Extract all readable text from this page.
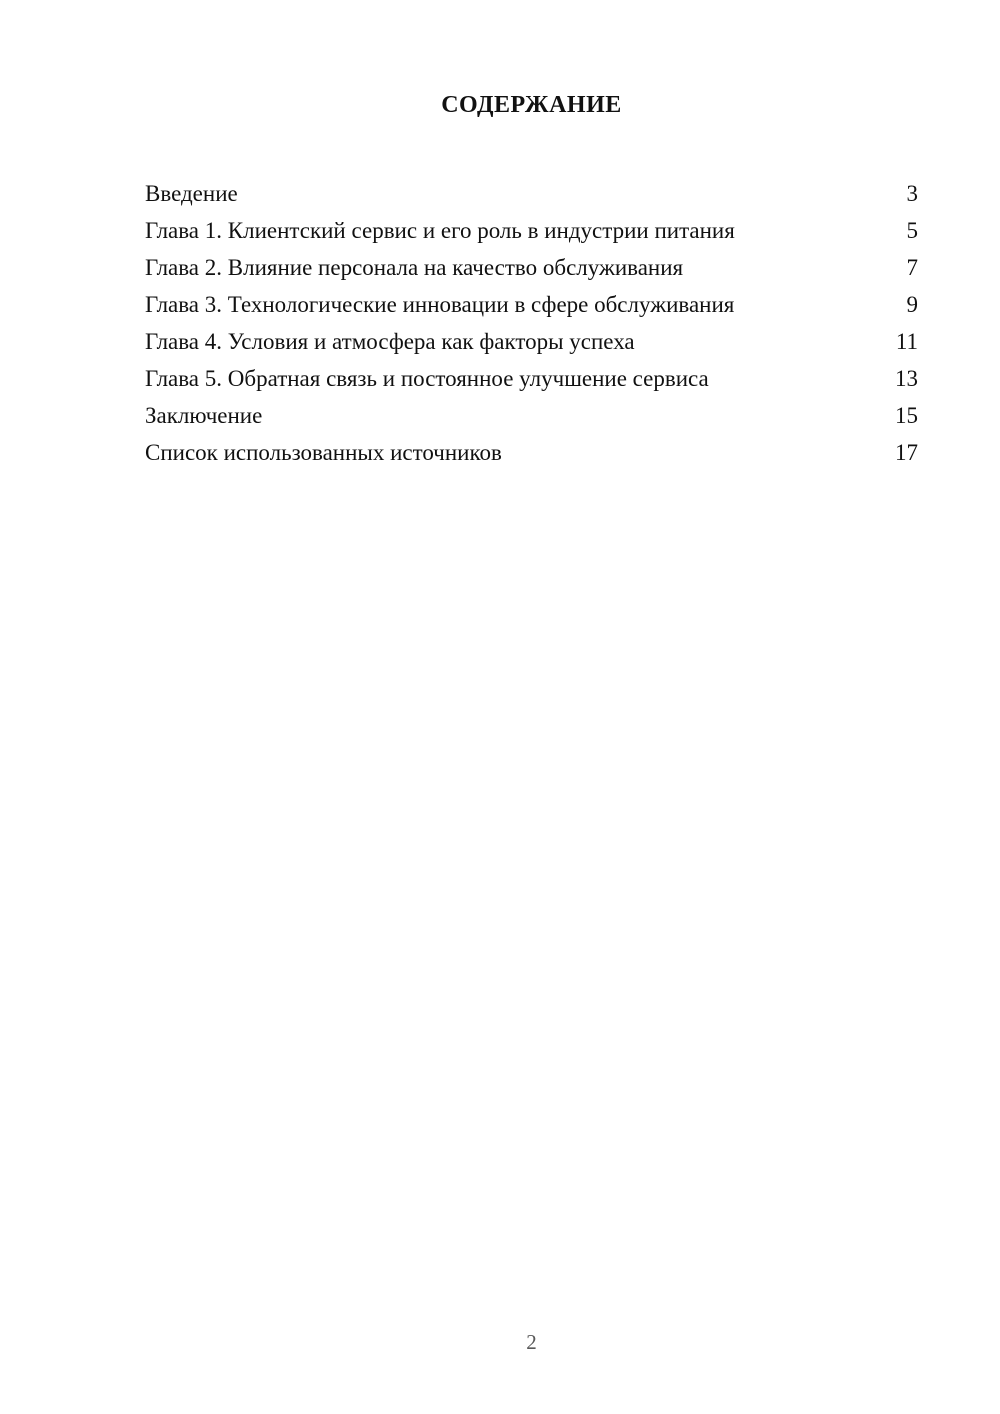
СОДЕРЖАНИЕ
Введение	3
Глава 1. Клиентский сервис и его роль в индустрии питания	5
Глава 2. Влияние персонала на качество обслуживания	7
Глава 3. Технологические инновации в сфере обслуживания	9
Глава 4. Условия и атмосфера как факторы успеха	11
Глава 5. Обратная связь и постоянное улучшение сервиса	13
Заключение	15
Список использованных источников	17
2
